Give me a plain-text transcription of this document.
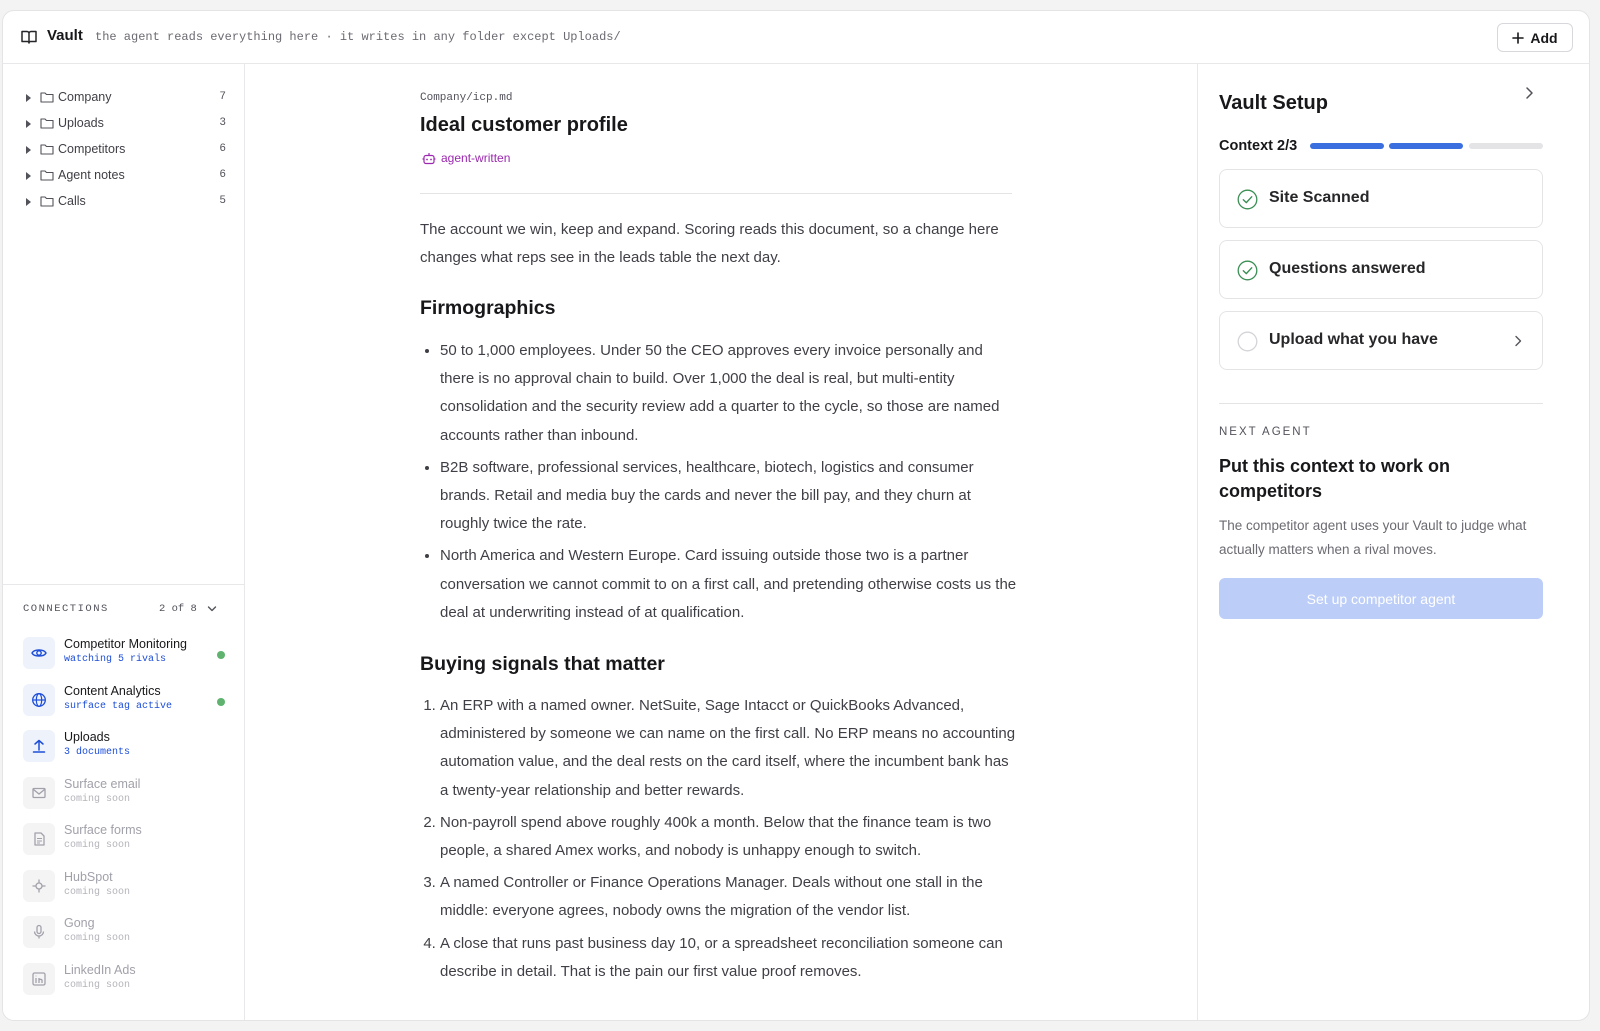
Vault the agent reads everything here · it writes in any folder except Uploads/	Add
Company	7
Uploads	3
Competitors	6
Agent notes	6
Calls	5
CONNECTIONS	2 of 8
Competitor Monitoring
watching 5 rivals
Content Analytics
surface tag active
Uploads
3 documents
Surface email
coming soon
Surface forms
coming soon
HubSpot
coming soon
Gong
coming soon
LinkedIn Ads
coming soon
Company/icp.md
Ideal customer profile
agent-written

The account we win, keep and expand. Scoring reads this document, so a change here changes what reps see in the leads table the next day.

Firmographics
• 50 to 1,000 employees. Under 50 the CEO approves every invoice personally and there is no approval chain to build. Over 1,000 the deal is real, but multi-entity consolidation and the security review add a quarter to the cycle, so those are named accounts rather than inbound.
• B2B software, professional services, healthcare, biotech, logistics and consumer brands. Retail and media buy the cards and never the bill pay, and they churn at roughly twice the rate.
• North America and Western Europe. Card issuing outside those two is a partner conversation we cannot commit to on a first call, and pretending otherwise costs us the deal at underwriting instead of at qualification.
Buying signals that matter
1. An ERP with a named owner. NetSuite, Sage Intacct or QuickBooks Advanced, administered by someone we can name on the first call. No ERP means no accounting automation value, and the deal rests on the card itself, where the incumbent bank has a twenty-year relationship and better rewards.
2. Non-payroll spend above roughly 400k a month. Below that the finance team is two people, a shared Amex works, and nobody is unhappy enough to switch.
3. A named Controller or Finance Operations Manager. Deals without one stall in the middle: everyone agrees, nobody owns the migration of the vendor list.
4. A close that runs past business day 10, or a spreadsheet reconciliation someone can describe in detail. That is the pain our first value proof removes.
Vault Setup
Context 2/3
Site Scanned
Questions answered
Upload what you have
NEXT AGENT
Put this context to work on competitors

The competitor agent uses your Vault to judge what actually matters when a rival moves.

Set up competitor agent
